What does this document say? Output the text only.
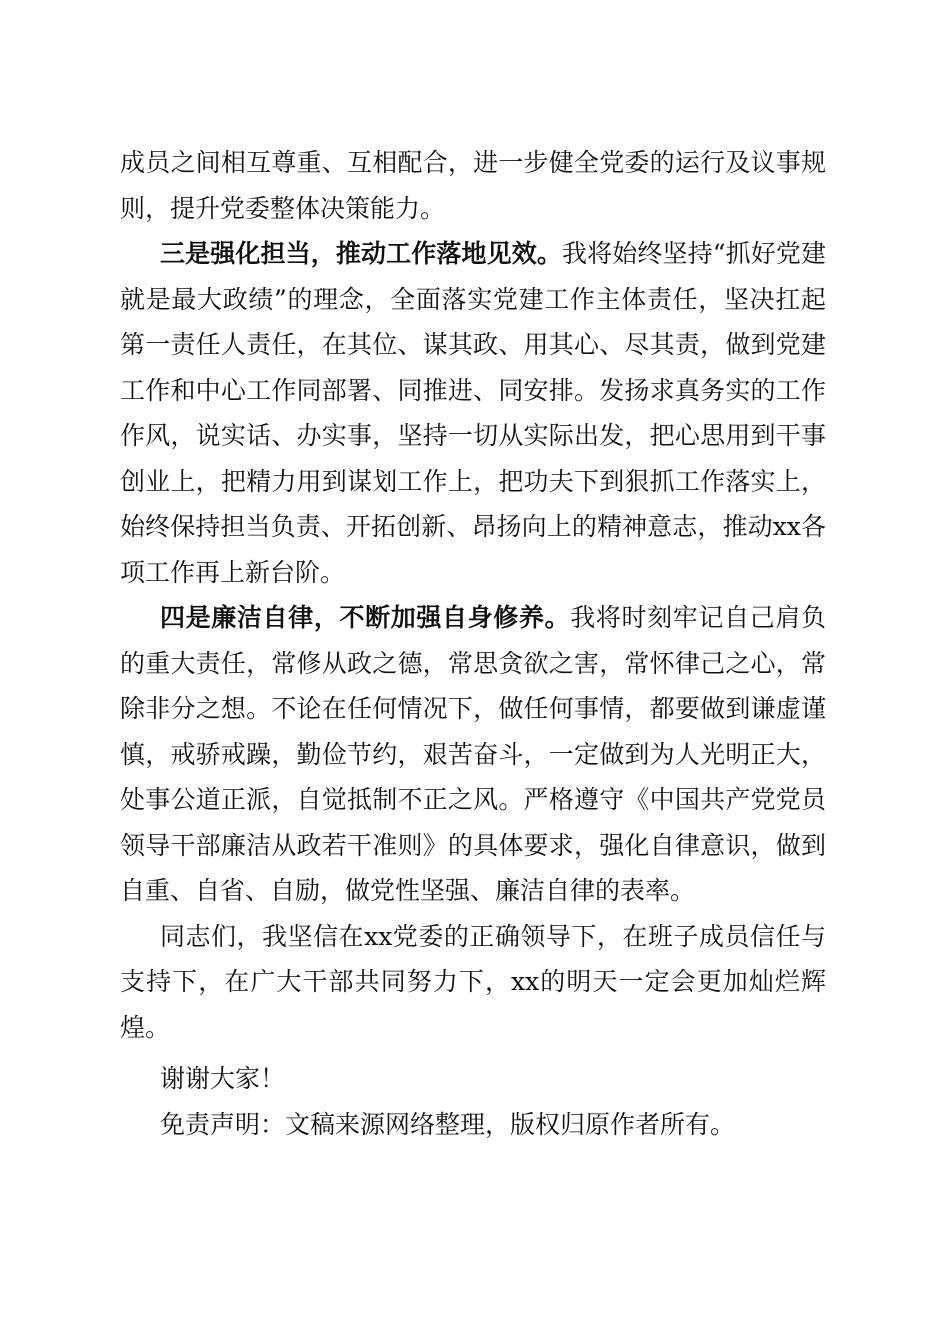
成员之间相互尊重、互相配合，进一步健全党委的运行及议事规则，提升党委整体决策能力。

三是强化担当，推动工作落地见效。我将始终坚持“抓好党建就是最大政绩”的理念，全面落实党建工作主体责任，坚决扛起第一责任人责任，在其位、谋其政、用其心、尽其责，做到党建工作和中心工作同部署、同推进、同安排。发扬求真务实的工作作风，说实话、办实事，坚持一切从实际出发，把心思用到干事创业上，把精力用到谋划工作上，把功夫下到狠抓工作落实上，始终保持担当负责、开拓创新、昂扬向上的精神意志，推动xx各项工作再上新台阶。

四是廉洁自律，不断加强自身修养。我将时刻牢记自己肩负的重大责任，常修从政之德，常思贪欲之害，常怀律己之心，常除非分之想。不论在任何情况下，做任何事情，都要做到谦虚谨慎，戒骄戒躁，勤俭节约，艰苦奋斗，一定做到为人光明正大，处事公道正派，自觉抵制不正之风。严格遵守《中国共产党党员领导干部廉洁从政若干准则》的具体要求，强化自律意识，做到自重、自省、自励，做党性坚强、廉洁自律的表率。

同志们，我坚信在xx党委的正确领导下，在班子成员信任与支持下，在广大干部共同努力下，xx的明天一定会更加灿烂辉煌。

谢谢大家！

免责声明：文稿来源网络整理，版权归原作者所有。
